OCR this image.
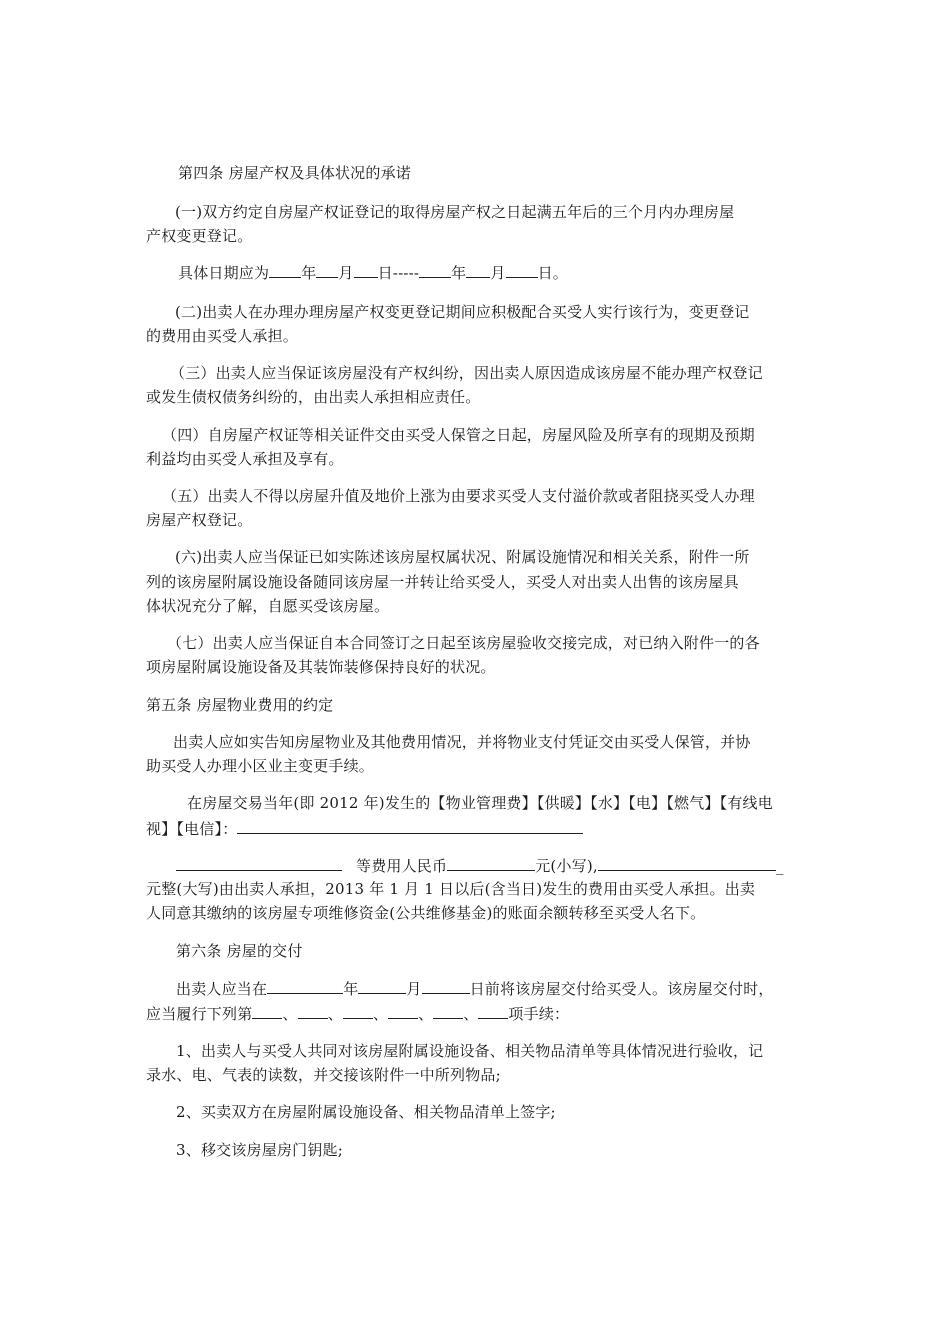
第四条 房屋产权及具体状况的承诺
(一)双方约定自房屋产权证登记的取得房屋产权之日起满五年后的三个月内办理房屋
产权变更登记。
具体日期应为 年 月 日----- 年 月 日。
(二)出卖人在办理办理房屋产权变更登记期间应积极配合买受人实行该行为，变更登记
的费用由买受人承担。
（三）出卖人应当保证该房屋没有产权纠纷，因出卖人原因造成该房屋不能办理产权登记
或发生债权债务纠纷的，由出卖人承担相应责任。
（四）自房屋产权证等相关证件交由买受人保管之日起，房屋风险及所享有的现期及预期
利益均由买受人承担及享有。
（五）出卖人不得以房屋升值及地价上涨为由要求买受人支付溢价款或者阻挠买受人办理
房屋产权登记。
(六)出卖人应当保证已如实陈述该房屋权属状况、附属设施情况和相关关系，附件一所
列的该房屋附属设施设备随同该房屋一并转让给买受人，买受人对出卖人出售的该房屋具
体状况充分了解，自愿买受该房屋。
（七）出卖人应当保证自本合同签订之日起至该房屋验收交接完成，对已纳入附件一的各
项房屋附属设施设备及其装饰装修保持良好的状况。
第五条 房屋物业费用的约定
出卖人应如实告知房屋物业及其他费用情况，并将物业支付凭证交由买受人保管，并协
助买受人办理小区业主变更手续。
在房屋交易当年(即 2012 年)发生的【物业管理费】【供暖】【水】【电】【燃气】【有线电
视】【电信】：
等费用人民币	元(小写),	_
元整(大写)由出卖人承担，2013 年 1 月 1 日以后(含当日)发生的费用由买受人承担。出卖
人同意其缴纳的该房屋专项维修资金(公共维修基金)的账面余额转移至买受人名下。
第六条 房屋的交付
出卖人应当在	年	月	日前将该房屋交付给买受人。该房屋交付时，
应当履行下列第 、 、 、 、 、 项手续：
1、出卖人与买受人共同对该房屋附属设施设备、相关物品清单等具体情况进行验收，记
录水、电、气表的读数，并交接该附件一中所列物品;
2、买卖双方在房屋附属设施设备、相关物品清单上签字;
3、移交该房屋房门钥匙;
